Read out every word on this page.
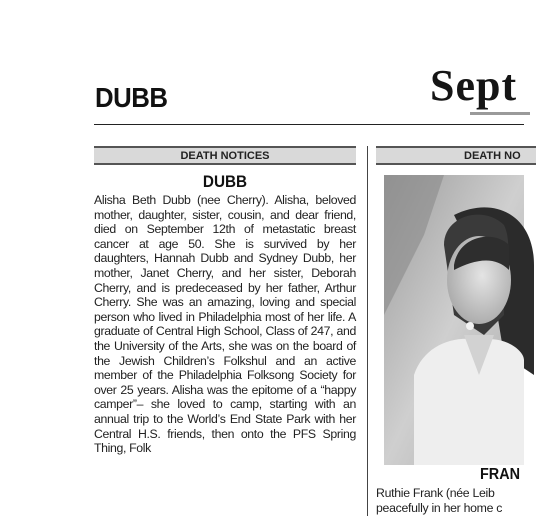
DUBB	Sept
DEATH NOTICES	DEATH NO
DUBB
Alisha Beth Dubb (nee Cherry). Alisha, beloved mother, daughter, sister, cousin, and dear friend, died on September 12th of metastatic breast cancer at age 50. She is survived by her daughters, Hannah Dubb and Sydney Dubb, her mother, Janet Cherry, and her sister, Deborah Cherry, and is predeceased by her father, Arthur Cherry. She was an amazing, loving and special person who lived in Philadelphia most of her life. A graduate of Central High School, Class of 247, and the University of the Arts, she was on the board of the Jewish Children’s Folkshul and an active member of the Philadelphia Folksong Society for over 25 years. Alisha was the epitome of a “happy camper”– she loved to camp, starting with an annual trip to the World’s End State Park with her Central H.S. friends, then onto the PFS Spring Thing, Folk
FRAN
Ruthie Frank (née Leib
peacefully in her home c
